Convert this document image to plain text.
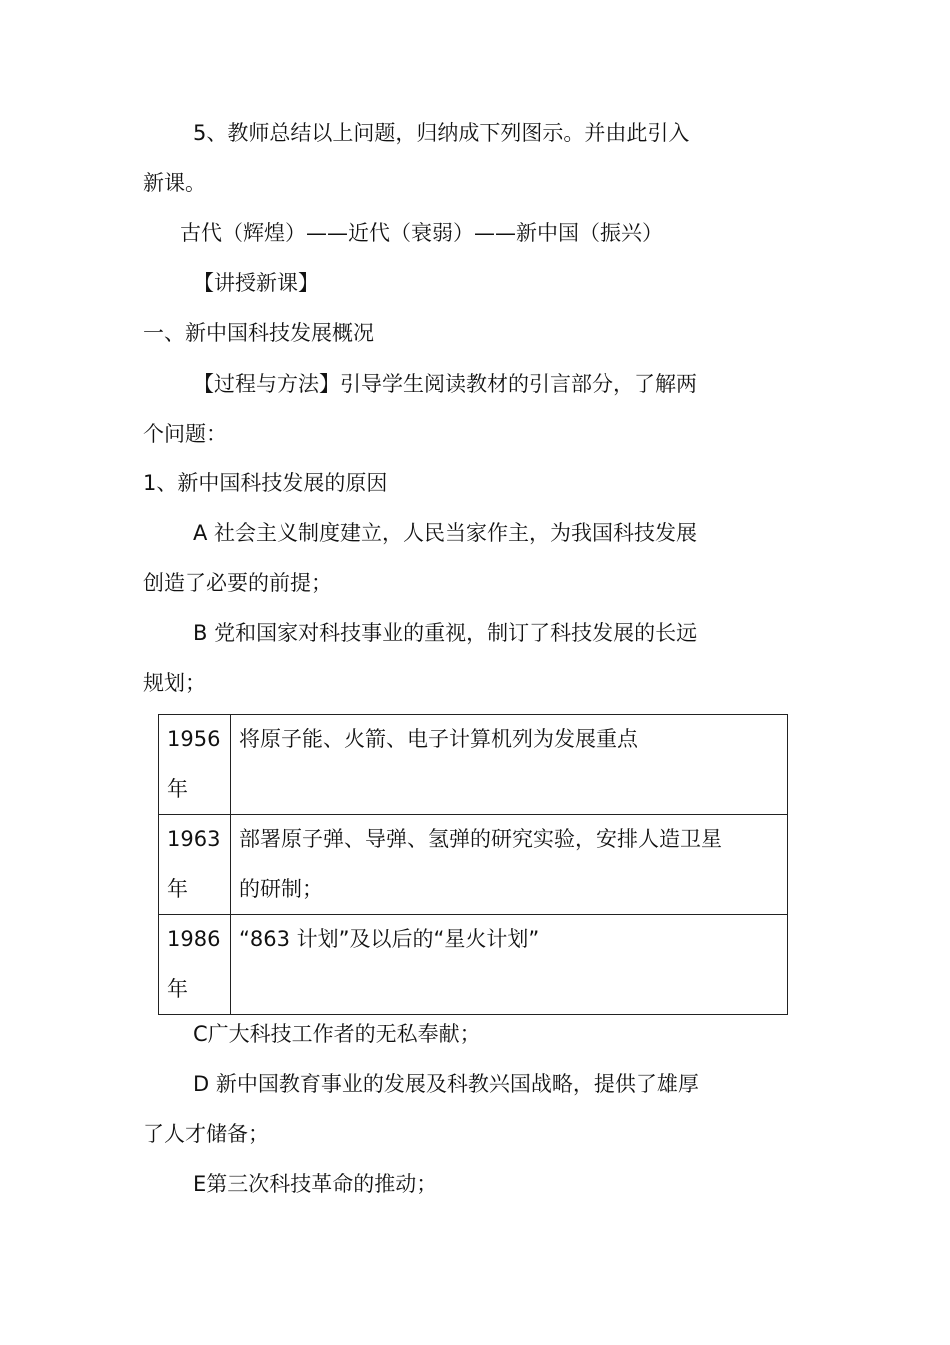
5、教师总结以上问题，归纳成下列图示。并由此引入

新课。

古代（辉煌）——近代（衰弱）——新中国（振兴）

【讲授新课】

一、新中国科技发展概况

【过程与方法】引导学生阅读教材的引言部分，了解两

个问题：

1、新中国科技发展的原因

A 社会主义制度建立，人民当家作主，为我国科技发展

创造了必要的前提；

B 党和国家对科技事业的重视，制订了科技发展的长远

规划；

1956年	将原子能、火箭、电子计算机列为发展重点

1963年	部署原子弹、导弹、氢弹的研究实验，安排人造卫星的研制；

1986年	“863 计划”及以后的“星火计划”

C广大科技工作者的无私奉献；

D 新中国教育事业的发展及科教兴国战略，提供了雄厚

了人才储备；

E第三次科技革命的推动；
